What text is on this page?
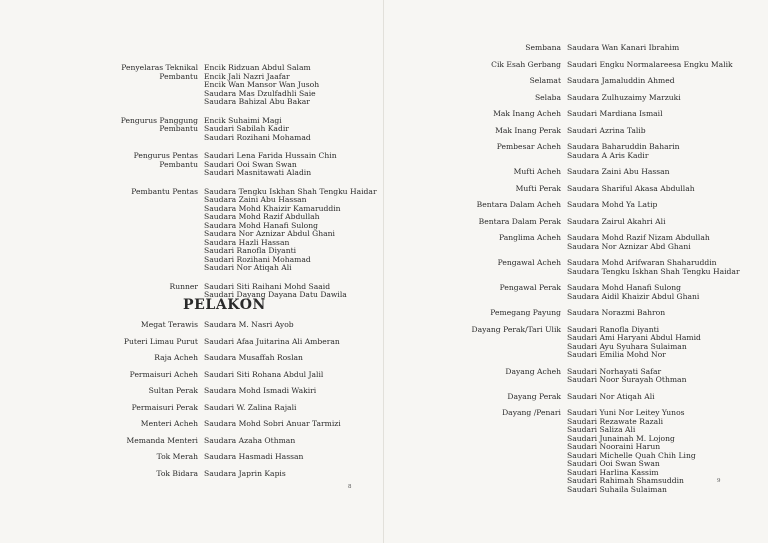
Penyelaras Teknikal Encik Ridzuan Abdul Salam
Pembantu Encik Jali Nazri Jaafar
Encik Wan Mansor Wan Jusoh
Saudara Mas Dzulfadhli Saie
Saudara Bahizal Abu Bakar
Pengurus Panggung Encik Suhaimi Magi
Pembantu Saudari Sabilah Kadir
Saudari Rozihani Mohamad
Pengurus Pentas Saudari Lena Farida Hussain Chin
Pembantu Saudari Ooi Swan Swan
Saudari Masnitawati Aladin
Pembantu Pentas Saudara Tengku Iskhan Shah Tengku Haidar
Saudara Zaini Abu Hassan
Saudara Mohd Khaizir Kamaruddin
Saudara Mohd Razif Abdullah
Saudara Mohd Hanafi Sulong
Saudara Nor Aznizar Abdul Ghani
Saudara Hazli Hassan
Saudari Ranofla Diyanti
Saudari Rozihani Mohamad
Saudari Nor Atiqah Ali
Runner Saudari Siti Raihani Mohd Saaid
Saudari Dayang Dayana Datu Dawila
PELAKON
Megat Terawis Saudara M. Nasri Ayob
Puteri Limau Purut Saudari Afaa Juitarina Ali Amberan
Raja Acheh Saudara Musaffah Roslan
Permaisuri Acheh Saudari Siti Rohana Abdul Jalil
Sultan Perak Saudara Mohd Ismadi Wakiri
Permaisuri Perak Saudari W. Zalina Rajali
Menteri Acheh Saudara Mohd Sobri Anuar Tarmizi
Memanda Menteri Saudara Azaha Othman
Tok Merah Saudara Hasmadi Hassan
Tok Bidara Saudara Japrin Kapis
8
Sembana Saudara Wan Kanari Ibrahim
Cik Esah Gerbang Saudari Engku Normalareesa Engku Malik
Selamat Saudara Jamaluddin Ahmed
Selaba Saudara Zulhuzaimy Marzuki
Mak Inang Acheh Saudari Mardiana Ismail
Mak Inang Perak Saudari Azrina Talib
Pembesar Acheh Saudara Baharuddin Baharin
Saudara A Aris Kadir
Mufti Acheh Saudara Zaini Abu Hassan
Mufti Perak Saudara Shariful Akasa Abdullah
Bentara Dalam Acheh Saudara Mohd Ya Latip
Bentara Dalam Perak Saudara Zairul Akahri Ali
Panglima Acheh Saudara Mohd Razif Nizam Abdullah
Saudara Nor Aznizar Abd Ghani
Pengawal Acheh Saudara Mohd Arifwaran Shaharuddin
Saudara Tengku Iskhan Shah Tengku Haidar
Pengawal Perak Saudara Mohd Hanafi Sulong
Saudara Aidil Khaizir Abdul Ghani
Pemegang Payung Saudara Norazmi Bahron
Dayang Perak/Tari Ulik Saudari Ranofla Diyanti
Saudari Ami Haryani Abdul Hamid
Saudari Ayu Syuhara Sulaiman
Saudari Emilia Mohd Nor
Dayang Acheh Saudari Norhayati Safar
Saudari Noor Surayah Othman
Dayang Perak Saudari Nor Atiqah Ali
Dayang /Penari Saudari Yuni Nor Leitey Yunos
Saudari Rezawate Razali
Saudari Saliza Ali
Saudari Junainah M. Lojong
Saudari Nooraini Harun
Saudari Michelle Quah Chih Ling
Saudari Ooi Swan Swan
Saudari Harlina Kassim
Saudari Rahimah Shamsuddin
Saudari Suhaila Sulaiman
9
